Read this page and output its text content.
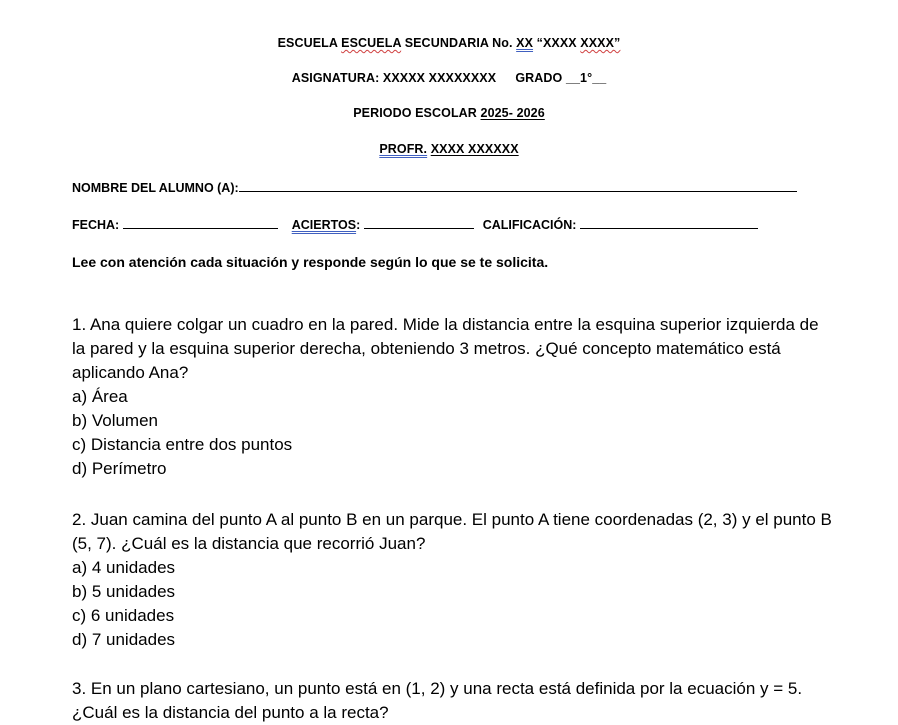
ESCUELA ESCUELA SECUNDARIA No. XX “XXXX XXXX”
ASIGNATURA: XXXXX XXXXXXXX GRADO __1°__
PERIODO ESCOLAR 2025- 2026
PROFR. XXXX XXXXXX
NOMBRE DEL ALUMNO (A):
FECHA:	ACIERTOS:	CALIFICACIÓN:
Lee con atención cada situación y responde según lo que se te solicita.

1. Ana quiere colgar un cuadro en la pared. Mide la distancia entre la esquina superior izquierda de la pared y la esquina superior derecha, obteniendo 3 metros. ¿Qué concepto matemático está aplicando Ana?

a) Área
b) Volumen
c) Distancia entre dos puntos
d) Perímetro

2. Juan camina del punto A al punto B en un parque. El punto A tiene coordenadas (2, 3) y el punto B (5, 7). ¿Cuál es la distancia que recorrió Juan?

a) 4 unidades
b) 5 unidades
c) 6 unidades
d) 7 unidades

3. En un plano cartesiano, un punto está en (1, 2) y una recta está definida por la ecuación y = 5. ¿Cuál es la distancia del punto a la recta?
